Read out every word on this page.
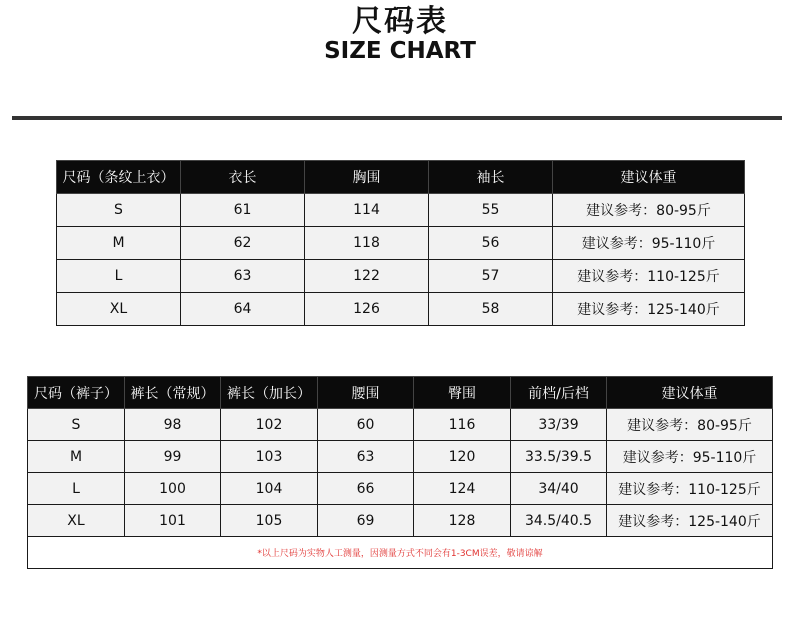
尺码表
SIZE CHART
尺码（条纹上衣）	衣长	胸围	袖长	建议体重
S	61	114	55	建议参考：80-95斤
M	62	118	56	建议参考：95-110斤
L	63	122	57	建议参考：110-125斤
XL	64	126	58	建议参考：125-140斤
尺码（裤子）	裤长（常规）	裤长（加长）	腰围	臀围	前档/后档	建议体重
S	98	102	60	116	33/39	建议参考：80-95斤
M	99	103	63	120	33.5/39.5	建议参考：95-110斤
L	100	104	66	124	34/40	建议参考：110-125斤
XL	101	105	69	128	34.5/40.5	建议参考：125-140斤
*以上尺码为实物人工测量，因测量方式不同会有1-3CM误差，敬请谅解						
